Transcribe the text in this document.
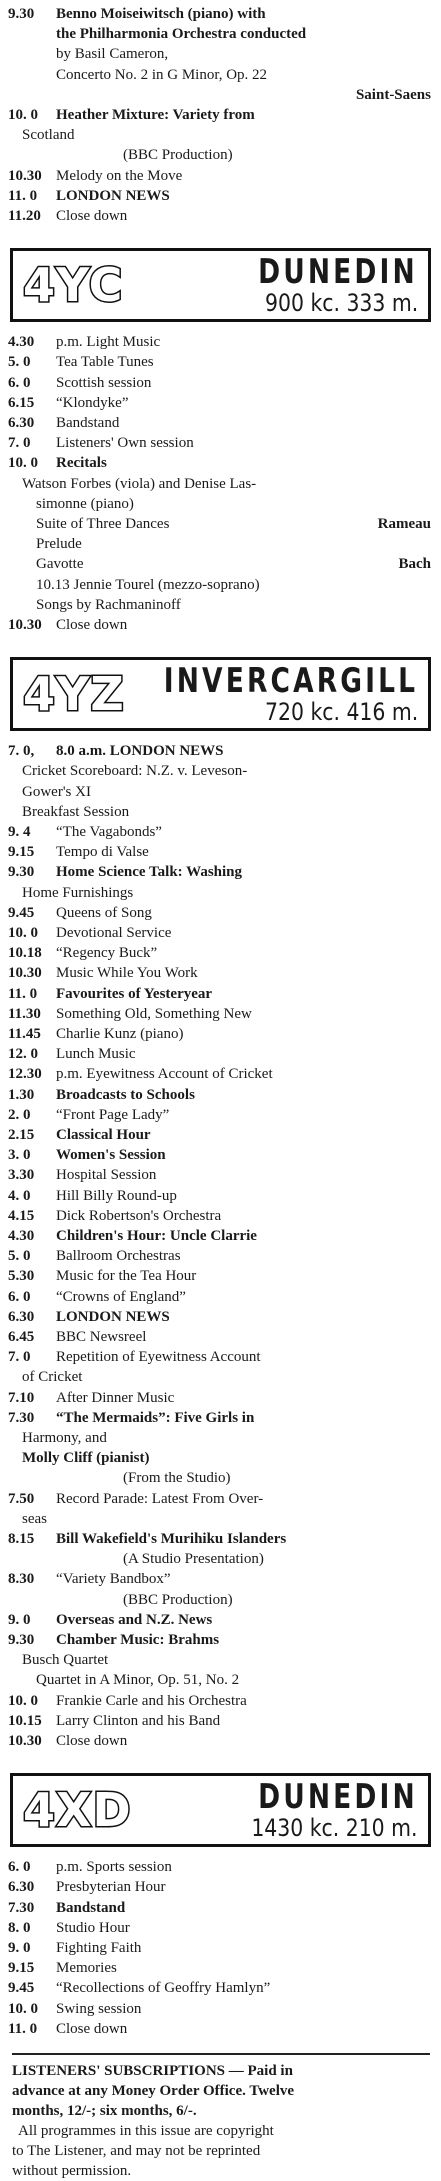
9.30 Benno Moiseiwitsch (piano) with
the Philharmonia Orchestra conducted
by Basil Cameron,
Concerto No. 2 in G Minor, Op. 22
Saint-Saens
10. 0 Heather Mixture: Variety from
Scotland
(BBC Production)
10.30 Melody on the Move
11. 0 LONDON NEWS
11.20 Close down
4YC	DUNEDIN
900 kc. 333 m.
4.30 p.m. Light Music
5. 0 Tea Table Tunes
6. 0 Scottish session
6.15 “Klondyke”
6.30 Bandstand
7. 0 Listeners' Own session
10. 0 Recitals
Watson Forbes (viola) and Denise Las-
simonne (piano)
Suite of Three Dances	Rameau
Prelude
Gavotte	Bach
10.13 Jennie Tourel (mezzo-soprano)
Songs by Rachmaninoff
10.30 Close down
4YZ	INVERCARGILL
720 kc. 416 m.
7. 0, 8.0 a.m. LONDON NEWS
Cricket Scoreboard: N.Z. v. Leveson-
Gower's XI
Breakfast Session
9. 4 “The Vagabonds”
9.15 Tempo di Valse
9.30 Home Science Talk: Washing
Home Furnishings
9.45 Queens of Song
10. 0 Devotional Service
10.18 “Regency Buck”
10.30 Music While You Work
11. 0 Favourites of Yesteryear
11.30 Something Old, Something New
11.45 Charlie Kunz (piano)
12. 0 Lunch Music
12.30 p.m. Eyewitness Account of Cricket
1.30 Broadcasts to Schools
2. 0 “Front Page Lady”
2.15 Classical Hour
3. 0 Women's Session
3.30 Hospital Session
4. 0 Hill Billy Round-up
4.15 Dick Robertson's Orchestra
4.30 Children's Hour: Uncle Clarrie
5. 0 Ballroom Orchestras
5.30 Music for the Tea Hour
6. 0 “Crowns of England”
6.30 LONDON NEWS
6.45 BBC Newsreel
7. 0 Repetition of Eyewitness Account
of Cricket
7.10 After Dinner Music
7.30 “The Mermaids”: Five Girls in
Harmony, and
Molly Cliff (pianist)
(From the Studio)
7.50 Record Parade: Latest From Over-
seas
8.15 Bill Wakefield's Murihiku Islanders
(A Studio Presentation)
8.30 “Variety Bandbox”
(BBC Production)
9. 0 Overseas and N.Z. News
9.30 Chamber Music: Brahms
Busch Quartet
Quartet in A Minor, Op. 51, No. 2
10. 0 Frankie Carle and his Orchestra
10.15 Larry Clinton and his Band
10.30 Close down
4XD	DUNEDIN
1430 kc. 210 m.
6. 0 p.m. Sports session
6.30 Presbyterian Hour
7.30 Bandstand
8. 0 Studio Hour
9. 0 Fighting Faith
9.15 Memories
9.45 “Recollections of Geoffry Hamlyn”
10. 0 Swing session
11. 0 Close down
LISTENERS' SUBSCRIPTIONS — Paid in
advance at any Money Order Office. Twelve
months, 12/-; six months, 6/-.
All programmes in this issue are copyright
to The Listener, and may not be reprinted
without permission.
